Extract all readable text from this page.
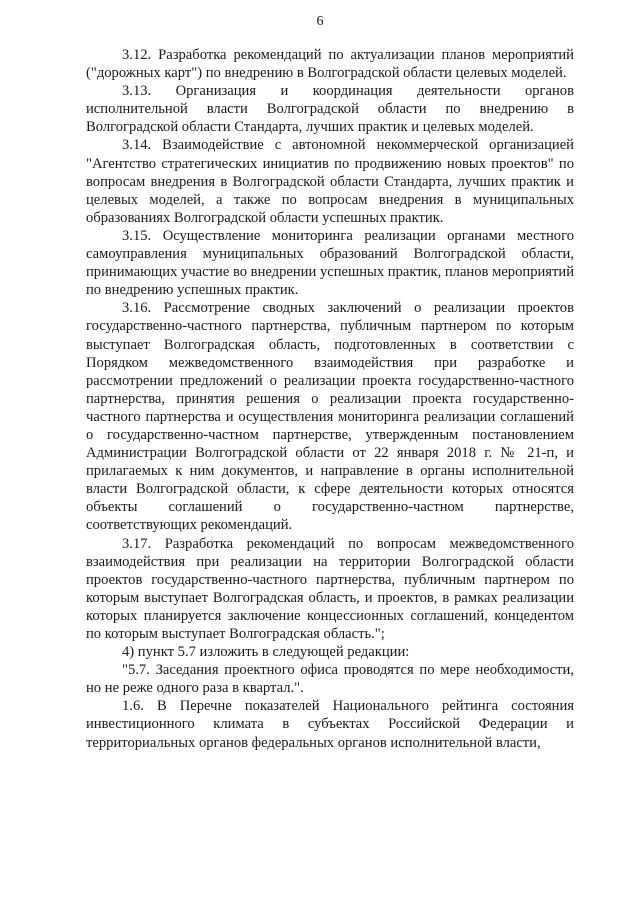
6

3.12. Разработка рекомендаций по актуализации планов мероприятий ("дорожных карт") по внедрению в Волгоградской области целевых моделей.

3.13. Организация и координация деятельности органов исполнительной власти Волгоградской области по внедрению в Волгоградской области Стандарта, лучших практик и целевых моделей.

3.14. Взаимодействие с автономной некоммерческой организацией "Агентство стратегических инициатив по продвижению новых проектов" по вопросам внедрения в Волгоградской области Стандарта, лучших практик и целевых моделей, а также по вопросам внедрения в муниципальных образованиях Волгоградской области успешных практик.

3.15. Осуществление мониторинга реализации органами местного самоуправления муниципальных образований Волгоградской области, принимающих участие во внедрении успешных практик, планов мероприятий по внедрению успешных практик.

3.16. Рассмотрение сводных заключений о реализации проектов государственно-частного партнерства, публичным партнером по которым выступает Волгоградская область, подготовленных в соответствии с Порядком межведомственного взаимодействия при разработке и рассмотрении предложений о реализации проекта государственно-частного партнерства, принятия решения о реализации проекта государственно-частного партнерства и осуществления мониторинга реализации соглашений о государственно-частном партнерстве, утвержденным постановлением Администрации Волгоградской области от 22 января 2018 г. № 21-п, и прилагаемых к ним документов, и направление в органы исполнительной власти Волгоградской области, к сфере деятельности которых относятся объекты соглашений о государственно-частном партнерстве, соответствующих рекомендаций.

3.17. Разработка рекомендаций по вопросам межведомственного взаимодействия при реализации на территории Волгоградской области проектов государственно-частного партнерства, публичным партнером по которым выступает Волгоградская область, и проектов, в рамках реализации которых планируется заключение концессионных соглашений, концедентом по которым выступает Волгоградская область.";

4) пункт 5.7 изложить в следующей редакции:

"5.7. Заседания проектного офиса проводятся по мере необходимости, но не реже одного раза в квартал.".

1.6. В Перечне показателей Национального рейтинга состояния инвестиционного климата в субъектах Российской Федерации и территориальных органов федеральных органов исполнительной власти,
